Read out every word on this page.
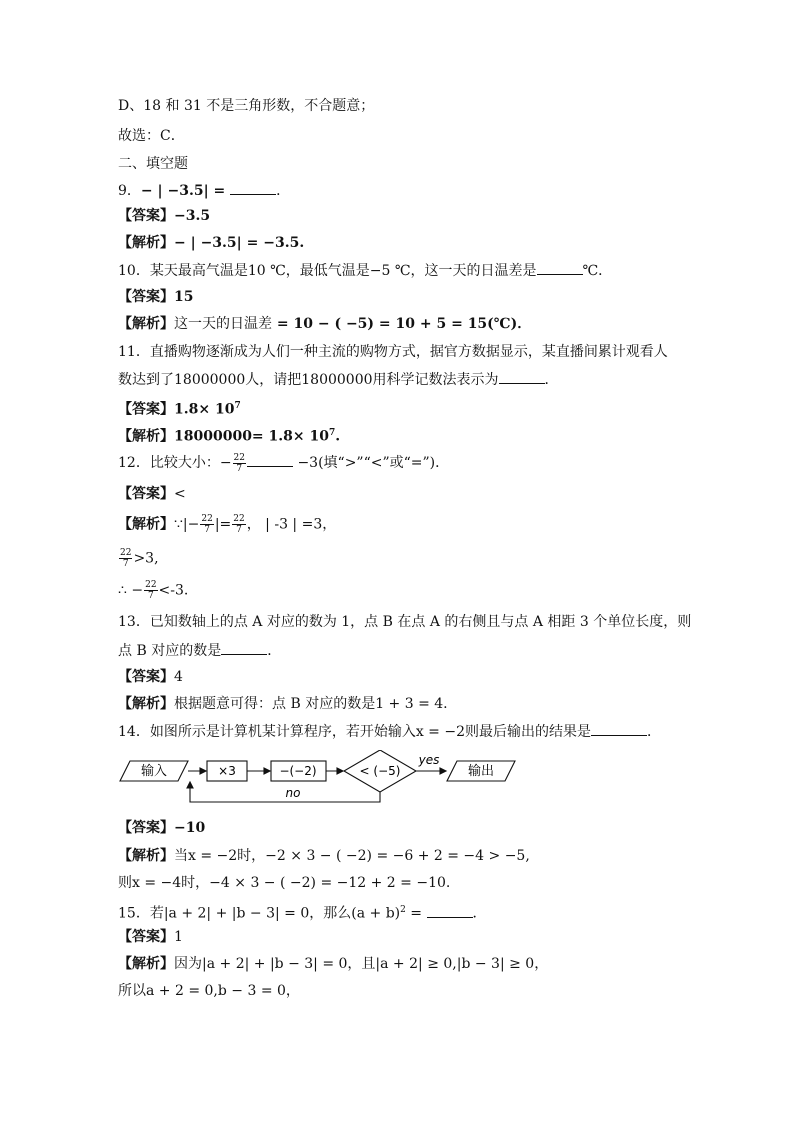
D、18 和 31 不是三角形数，不合题意；
故选：C．
二、填空题
9．− | −3.5| =	．
【答案】−3.5
【解析】− | −3.5| = −3.5.
10．某天最高气温是10 ℃，最低气温是−5 ℃，这一天的日温差是	℃．
【答案】15
【解析】这一天的日温差 = 10 − ( −5) = 10 + 5 = 15(℃)．
11．直播购物逐渐成为人们一种主流的购物方式，据官方数据显示，某直播间累计观看人
数达到了18000000人，请把18000000用科学记数法表示为	．
【答案】$1.8\times 10^7$
【解析】$18000000= 1.8\times 10^7$.
12．比较大小：− $\frac{22}{7}$	−3(填“>”“<”或“=”)．
【答案】<
【解析】∵|− $\frac{22}{7}$ |= $\frac{22}{7}$ ， | -3 | =3，
$\frac{22}{7} >3$,
∴ − $\frac{22}{7} <-3$.
13．已知数轴上的点 A 对应的数为 1，点 B 在点 A 的右侧且与点 A 相距 3 个单位长度，则
点 B 对应的数是	．
【答案】4
【解析】根据题意可得：点 B 对应的数是1 + 3 = 4.
14．如图所示是计算机某计算程序，若开始输入x = −2则最后输出的结果是	．
输入	×3	−(−2)	< (−5)
yes
no
输出
【答案】−10
【解析】当x = −2时，−2 × 3 − ( −2) = −6 + 2 = −4 > −5,
则x = −4时，−4 × 3 − ( −2) = −12 + 2 = −10.
15．若|a + 2| + |b − 3| = 0，那么$(a + b)^2$ =	．
【答案】1
【解析】因为|a + 2| + |b − 3| = 0，且|a + 2| ≥ 0,|b − 3| ≥ 0，
所以a + 2 = 0,b − 3 = 0，
